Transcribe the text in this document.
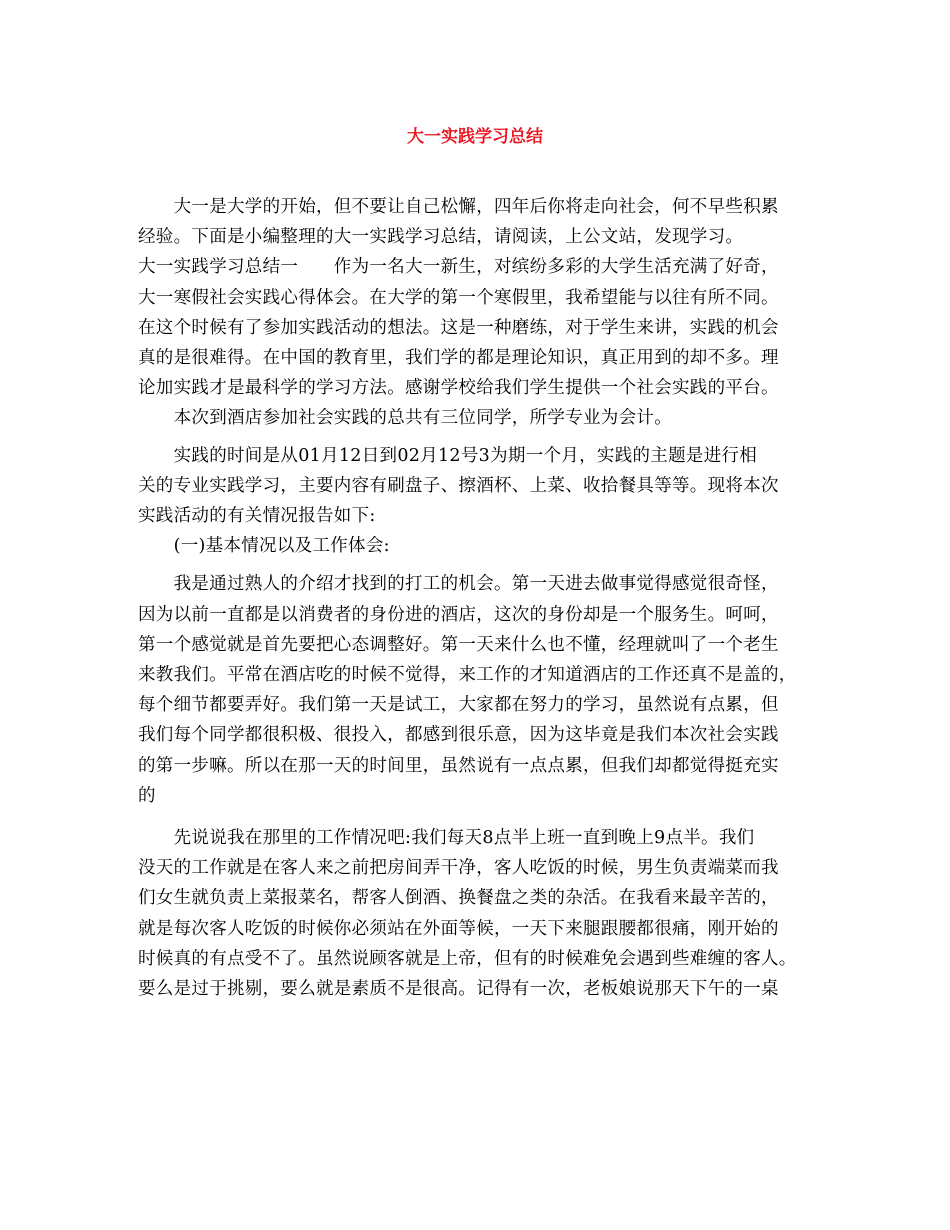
大一实践学习总结
　　大一是大学的开始，但不要让自己松懈，四年后你将走向社会，何不早些积累
经验。下面是小编整理的大一实践学习总结，请阅读，上公文站，发现学习。
大一实践学习总结一　　作为一名大一新生，对缤纷多彩的大学生活充满了好奇，
大一寒假社会实践心得体会。在大学的第一个寒假里，我希望能与以往有所不同。
在这个时候有了参加实践活动的想法。这是一种磨练，对于学生来讲，实践的机会
真的是很难得。在中国的教育里，我们学的都是理论知识，真正用到的却不多。理
论加实践才是最科学的学习方法。感谢学校给我们学生提供一个社会实践的平台。
　　本次到酒店参加社会实践的总共有三位同学，所学专业为会计。
　　实践的时间是从01月12日到02月12号3为期一个月，实践的主题是进行相
关的专业实践学习，主要内容有刷盘子、擦酒杯、上菜、收拾餐具等等。现将本次
实践活动的有关情况报告如下:
　　(一)基本情况以及工作体会:
　　我是通过熟人的介绍才找到的打工的机会。第一天进去做事觉得感觉很奇怪，
因为以前一直都是以消费者的身份进的酒店，这次的身份却是一个服务生。呵呵，
第一个感觉就是首先要把心态调整好。第一天来什么也不懂，经理就叫了一个老生
来教我们。平常在酒店吃的时候不觉得，来工作的才知道酒店的工作还真不是盖的，
每个细节都要弄好。我们第一天是试工，大家都在努力的学习，虽然说有点累，但
我们每个同学都很积极、很投入，都感到很乐意，因为这毕竟是我们本次社会实践
的第一步嘛。所以在那一天的时间里，虽然说有一点点累，但我们却都觉得挺充实
的
　　先说说我在那里的工作情况吧:我们每天8点半上班一直到晚上9点半。我们
没天的工作就是在客人来之前把房间弄干净，客人吃饭的时候，男生负责端菜而我
们女生就负责上菜报菜名，帮客人倒酒、换餐盘之类的杂活。在我看来最辛苦的，
就是每次客人吃饭的时候你必须站在外面等候，一天下来腿跟腰都很痛，刚开始的
时候真的有点受不了。虽然说顾客就是上帝，但有的时候难免会遇到些难缠的客人。
要么是过于挑剔，要么就是素质不是很高。记得有一次，老板娘说那天下午的一桌
